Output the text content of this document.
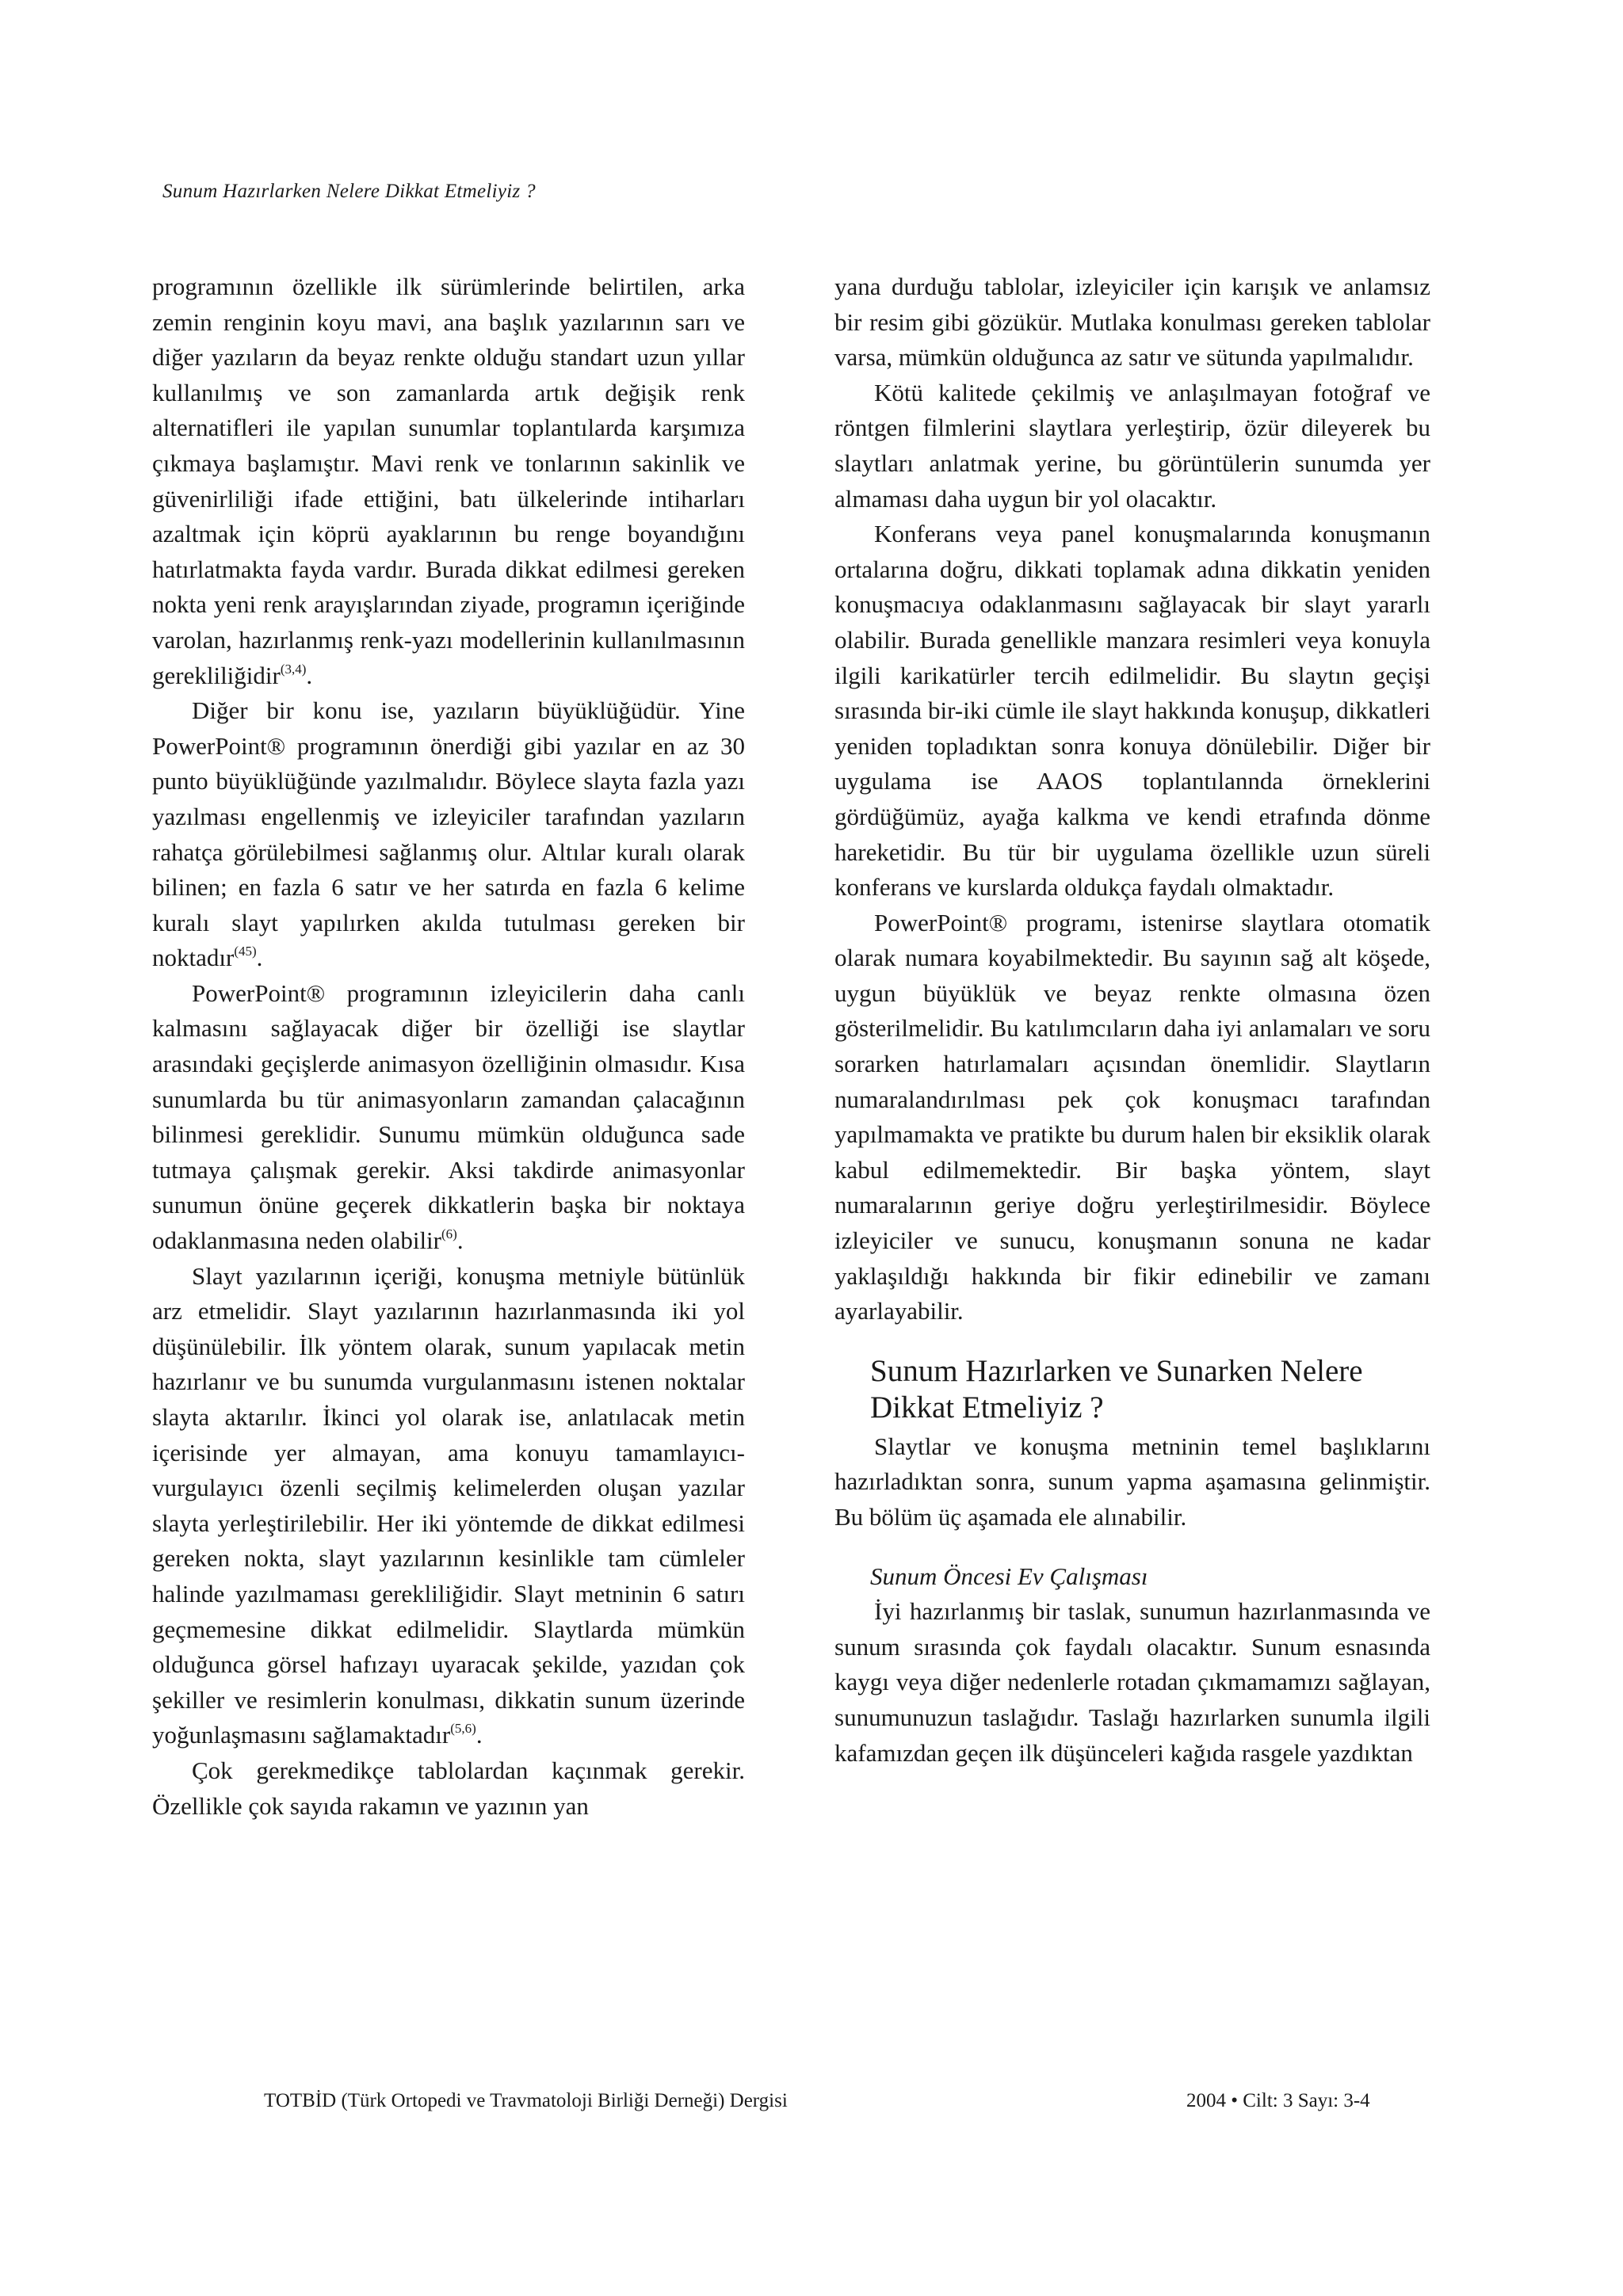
Sunum Hazırlarken Nelere Dikkat Etmeliyiz ?

programının özellikle ilk sürümlerinde belirtilen, arka zemin renginin koyu mavi, ana başlık yazılarının sarı ve diğer yazıların da beyaz renkte olduğu standart uzun yıllar kullanılmış ve son zamanlarda artık değişik renk alternatifleri ile yapılan sunumlar toplantılarda karşımıza çıkmaya başlamıştır. Mavi renk ve tonlarının sakinlik ve güvenirliliği ifade ettiğini, batı ülkelerinde intiharları azaltmak için köprü ayaklarının bu renge boyandığını hatırlatmakta fayda vardır. Burada dikkat edilmesi gereken nokta yeni renk arayışlarından ziyade, programın içeriğinde varolan, hazırlanmış renk-yazı modellerinin kullanılmasının gerekliliğidir$^{(3,4)}$.

Diğer bir konu ise, yazıların büyüklüğüdür. Yine PowerPoint® programının önerdiği gibi yazılar en az 30 punto büyüklüğünde yazılmalıdır. Böylece slayta fazla yazı yazılması engellenmiş ve izleyiciler tarafından yazıların rahatça görülebilmesi sağlanmış olur. Altılar kuralı olarak bilinen; en fazla 6 satır ve her satırda en fazla 6 kelime kuralı slayt yapılırken akılda tutulması gereken bir noktadır$^{(45)}$.

PowerPoint® programının izleyicilerin daha canlı kalmasını sağlayacak diğer bir özelliği ise slaytlar arasındaki geçişlerde animasyon özelliğinin olmasıdır. Kısa sunumlarda bu tür animasyonların zamandan çalacağının bilinmesi gereklidir. Sunumu mümkün olduğunca sade tutmaya çalışmak gerekir. Aksi takdirde animasyonlar sunumun önüne geçerek dikkatlerin başka bir noktaya odaklanmasına neden olabilir$^{(6)}$.

Slayt yazılarının içeriği, konuşma metniyle bütünlük arz etmelidir. Slayt yazılarının hazırlanmasında iki yol düşünülebilir. İlk yöntem olarak, sunum yapılacak metin hazırlanır ve bu sunumda vurgulanmasını istenen noktalar slayta aktarılır. İkinci yol olarak ise, anlatılacak metin içerisinde yer almayan, ama konuyu tamamlayıcı-vurgulayıcı özenli seçilmiş kelimelerden oluşan yazılar slayta yerleştirilebilir. Her iki yöntemde de dikkat edilmesi gereken nokta, slayt yazılarının kesinlikle tam cümleler halinde yazılmaması gerekliliğidir. Slayt metninin 6 satırı geçmemesine dikkat edilmelidir. Slaytlarda mümkün olduğunca görsel hafızayı uyaracak şekilde, yazıdan çok şekiller ve resimlerin konulması, dikkatin sunum üzerinde yoğunlaşmasını sağlamaktadır$^{(5,6)}$.

Çok gerekmedikçe tablolardan kaçınmak gerekir. Özellikle çok sayıda rakamın ve yazının yan

yana durduğu tablolar, izleyiciler için karışık ve anlamsız bir resim gibi gözükür. Mutlaka konulması gereken tablolar varsa, mümkün olduğunca az satır ve sütunda yapılmalıdır.

Kötü kalitede çekilmiş ve anlaşılmayan fotoğraf ve röntgen filmlerini slaytlara yerleştirip, özür dileyerek bu slaytları anlatmak yerine, bu görüntülerin sunumda yer almaması daha uygun bir yol olacaktır.

Konferans veya panel konuşmalarında konuşmanın ortalarına doğru, dikkati toplamak adına dikkatin yeniden konuşmacıya odaklanmasını sağlayacak bir slayt yararlı olabilir. Burada genellikle manzara resimleri veya konuyla ilgili karikatürler tercih edilmelidir. Bu slaytın geçişi sırasında bir-iki cümle ile slayt hakkında konuşup, dikkatleri yeniden topladıktan sonra konuya dönülebilir. Diğer bir uygulama ise AAOS toplantılannda örneklerini gördüğümüz, ayağa kalkma ve kendi etrafında dönme hareketidir. Bu tür bir uygulama özellikle uzun süreli konferans ve kurslarda oldukça faydalı olmaktadır.

PowerPoint® programı, istenirse slaytlara otomatik olarak numara koyabilmektedir. Bu sayının sağ alt köşede, uygun büyüklük ve beyaz renkte olmasına özen gösterilmelidir. Bu katılımcıların daha iyi anlamaları ve soru sorarken hatırlamaları açısından önemlidir. Slaytların numaralandırılması pek çok konuşmacı tarafından yapılmamakta ve pratikte bu durum halen bir eksiklik olarak kabul edilmemektedir. Bir başka yöntem, slayt numaralarının geriye doğru yerleştirilmesidir. Böylece izleyiciler ve sunucu, konuşmanın sonuna ne kadar yaklaşıldığı hakkında bir fikir edinebilir ve zamanı ayarlayabilir.

Sunum Hazırlarken ve Sunarken Nelere
Dikkat Etmeliyiz ?

Slaytlar ve konuşma metninin temel başlıklarını hazırladıktan sonra, sunum yapma aşamasına gelinmiştir. Bu bölüm üç aşamada ele alınabilir.

Sunum Öncesi Ev Çalışması

İyi hazırlanmış bir taslak, sunumun hazırlanmasında ve sunum sırasında çok faydalı olacaktır. Sunum esnasında kaygı veya diğer nedenlerle rotadan çıkmamamızı sağlayan, sunumunuzun taslağıdır. Taslağı hazırlarken sunumla ilgili kafamızdan geçen ilk düşünceleri kağıda rasgele yazdıktan

TOTBİD (Türk Ortopedi ve Travmatoloji Birliği Derneği) Dergisi	2004 • Cilt: 3 Sayı: 3-4
